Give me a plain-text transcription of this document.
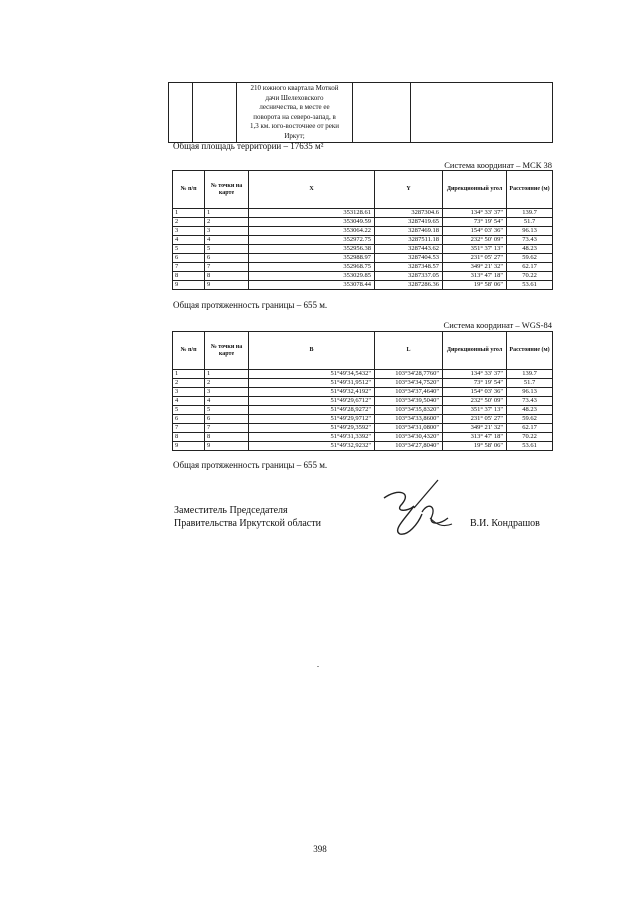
210 южного квартала Моткой
дачи Шелеховского
лесничества, в месте ее
поворота на северо-запад, в
1,3 км. юго-восточнее от реки
Иркут;

Общая площадь территории – 17635 м²
Система координат – МСК 38
№ п/п	№ точки на карте	X	Y	Дирекционный угол	Расстояние (м)
1	1	353128.61	3287304.6	134° 33' 37"	139.7
2	2	353049.59	3287419.65	73° 19' 54"	51.7
3	3	353064.22	3287469.18	154° 03' 36"	96.13
4	4	352972.75	3287511.18	232° 50' 09"	73.43
5	5	352956.38	3287443.62	351° 37' 13"	48.23
6	6	352988.97	3287404.53	231° 05' 27"	59.62
7	7	352968.75	3287348.57	349° 21' 32"	62.17
8	8	353029.85	3287337.05	313° 47' 18"	70.22
9	9	353078.44	3287286.36	19° 58' 06"	53.61
Общая протяженность границы – 655 м.
Система координат – WGS-84
№ п/п	№ точки на карте	B	L	Дирекционный угол	Расстояние (м)
1	1	51°49'34,5432"	103°34'28,7760"	134° 33' 37"	139.7
2	2	51°49'31,9512"	103°34'34,7520"	73° 19' 54"	51.7
3	3	51°49'32,4192"	103°34'37,4640"	154° 03' 36"	96.13
4	4	51°49'29,6712"	103°34'39,5040"	232° 50' 09"	73.43
5	5	51°49'28,9272"	103°34'35,8320"	351° 37' 13"	48.23
6	6	51°49'29,9712"	103°34'33,8600"	231° 05' 27"	59.62
7	7	51°49'29,3592"	103°34'31,0800"	349° 21' 32"	62.17
8	8	51°49'31,3392"	103°34'30,4320"	313° 47' 18"	70.22
9	9	51°49'32,9232"	103°34'27,8040"	19° 58' 06"	53.61
Общая протяженность границы – 655 м.
Заместитель Председателя
Правительства Иркутской области	В.И. Кондрашов
398
